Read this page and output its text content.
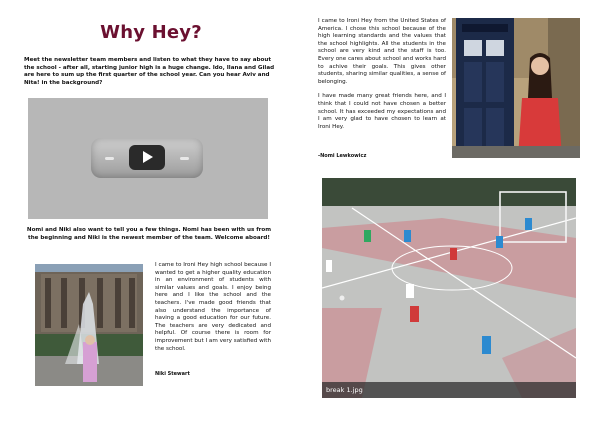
Why Hey?
Meet the newsletter team members and listen to what they have to say about the school - after all, starting junior high is a huge change. Ido, Ilana and Gilad are here to sum up the first quarter of the school year. Can you hear Aviv and Nita! in the background?
Nomi and Niki also want to tell you a few things. Nomi has been with us from the beginning and Niki is the newest member of the team. Welcome aboard!
I came to Ironi Hey high school because I wanted to get a higher quality education in an environment of students with similar values and goals. I enjoy being here and I like the school and the teachers. I've made good friends that also understand the importance of having a good education for our future. The teachers are very dedicated and helpful. Of course there is room for improvement but I am very satisfied with the school.
Niki Stewart

I came to Ironi Hey from the United States of America. I chose this school because of the high learning standards and the values that the school highlights. All the students in the school are very kind and the staff is too. Every one cares about school and works hard to achive their goals. This gives other students, sharing similar qualities, a sense of belonging.

I have made many great friends here, and I think that I could not have chosen a better school. It has exceeded my expectations and I am very glad to have chosen to learn at Ironi Hey.

-Nomi Lewkowicz
break 1.jpg
